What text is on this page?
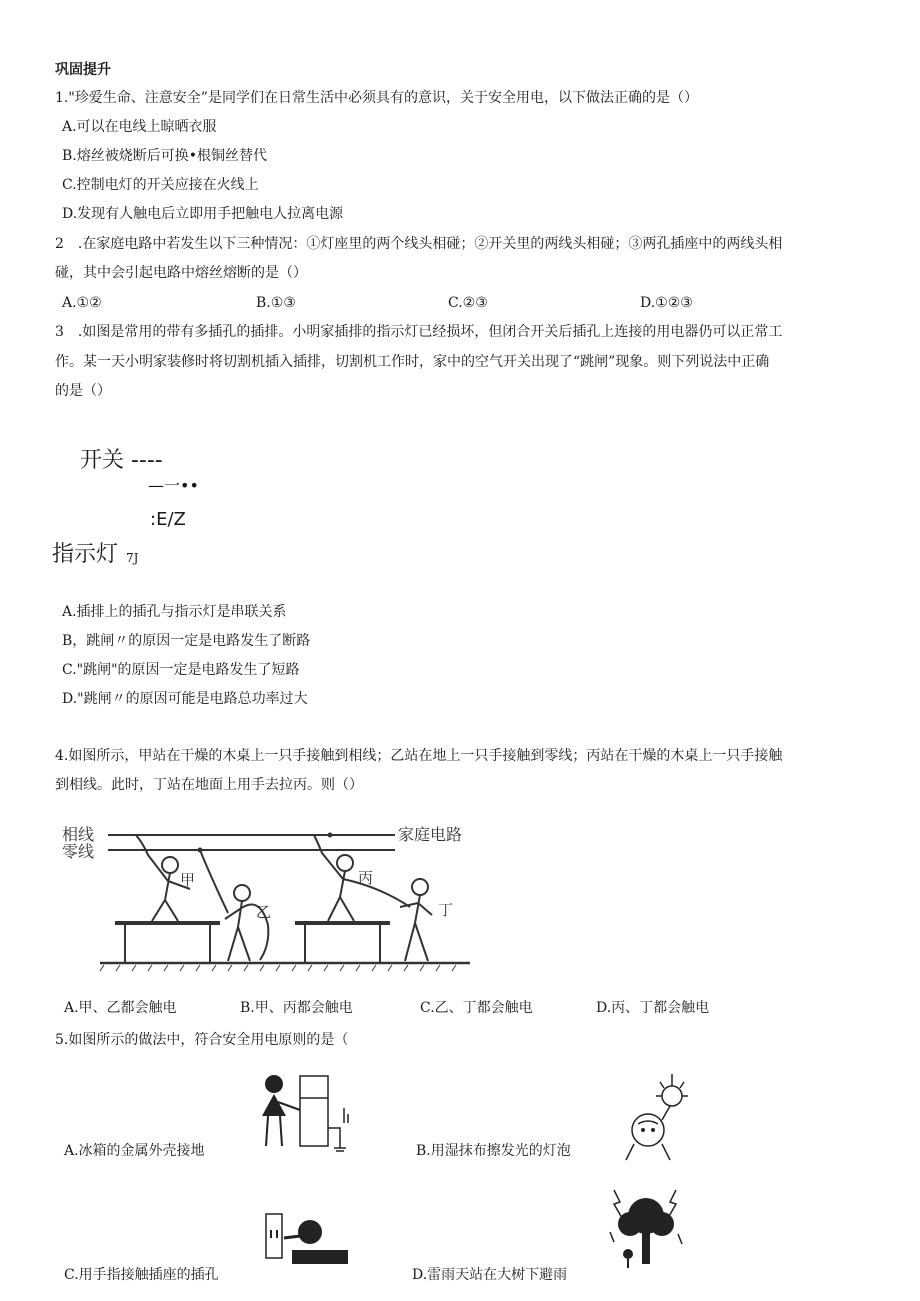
巩固提升
1."珍爱生命、注意安全”是同学们在日常生活中必须具有的意识，关于安全用电，以下做法正确的是（）
A.可以在电线上晾晒衣服
B.熔丝被烧断后可换•根铜丝替代
C.控制电灯的开关应接在火线上
D.发现有人触电后立即用手把触电人拉离电源
2　.在家庭电路中若发生以下三种情况：①灯座里的两个线头相碰；②开关里的两线头相碰；③两孔插座中的两线头相
碰，其中会引起电路中熔丝熔断的是（）
A.①②	B.①③	C.②③	D.①②③
3　.如图是常用的带有多插孔的插排。小明家插排的指示灯已经损坏，但闭合开关后插孔上连接的用电器仍可以正常工
作。某一天小明家装修时将切割机插入插排，切割机工作时，家中的空气开关出现了“跳闸”现象。则下列说法中正确
的是（）
开关 ----
—一••
:E/Z
指示灯 7J
A.插排上的插孔与指示灯是串联关系
B，跳闸〃的原因一定是电路发生了断路
C."跳闸"的原因一定是电路发生了短路
D."跳闸〃的原因可能是电路总功率过大
4.如图所示，甲站在干燥的木桌上一只手接触到相线；乙站在地上一只手接触到零线；丙站在干燥的木桌上一只手接触
到相线。此时，丁站在地面上用手去拉丙。则（）
相线
零线
家庭电路
甲
乙
丙
丁
A.甲、乙都会触电	B.甲、丙都会触电	C.乙、丁都会触电	D.丙、丁都会触电
5.如图所示的做法中，符合安全用电原则的是（
A.冰箱的金属外壳接地	B.用湿抹布擦发光的灯泡
C.用手指接触插座的插孔	D.雷雨天站在大树下避雨
